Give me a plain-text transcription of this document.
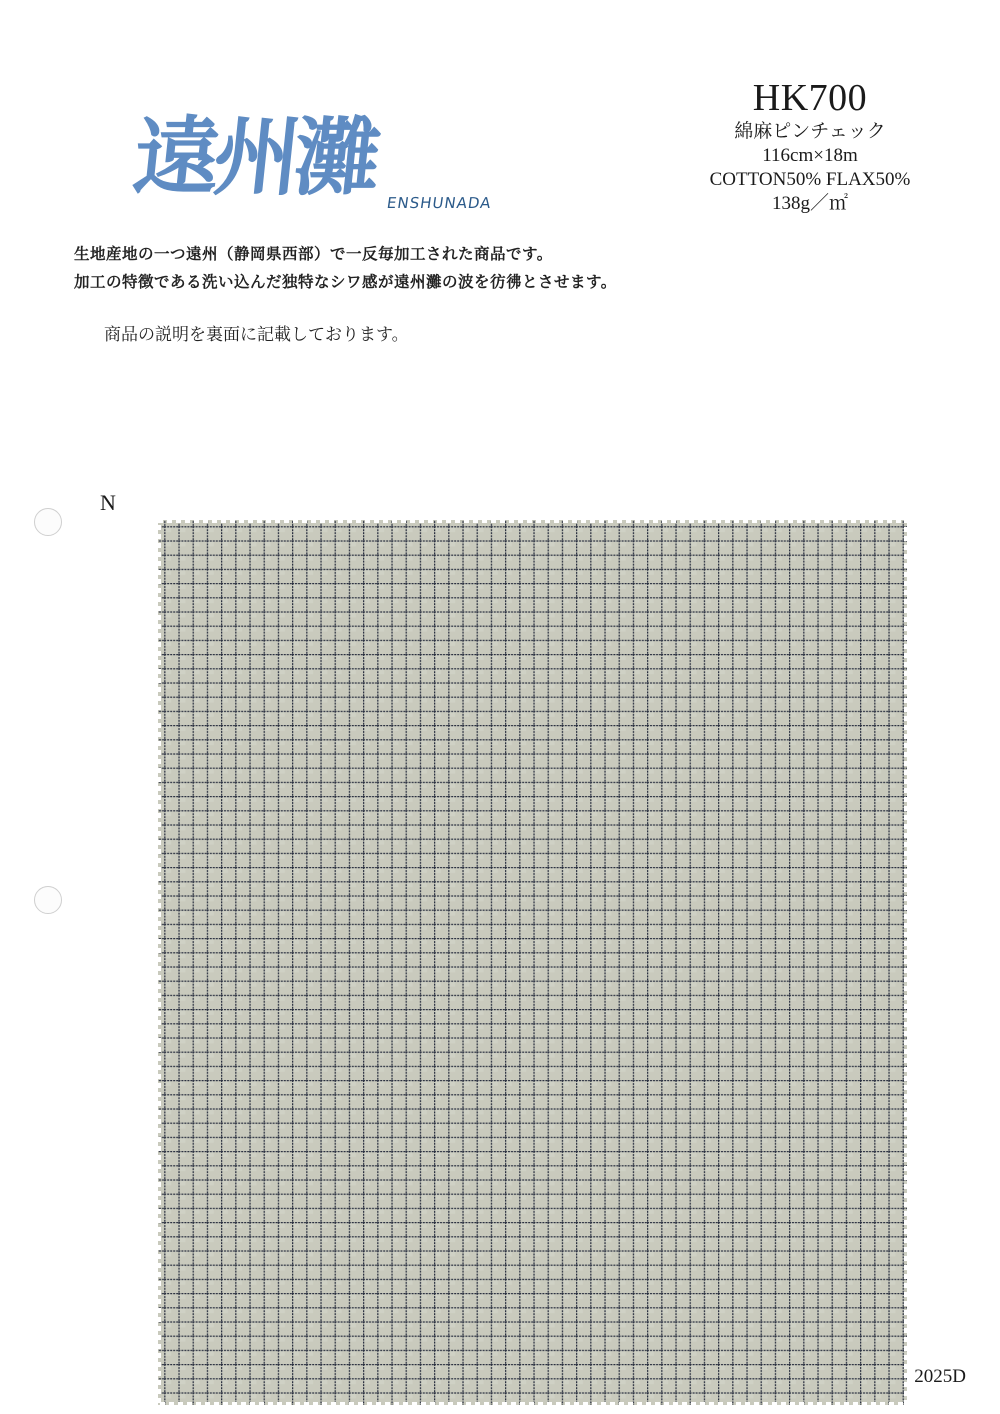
遠州灘 ENSHUNADA
HK700
綿麻ピンチェック
116cm×18m
COTTON50% FLAX50%
138g／㎡
生地産地の一つ遠州（静岡県西部）で一反毎加工された商品です。
加工の特徴である洗い込んだ独特なシワ感が遠州灘の波を彷彿とさせます。
商品の説明を裏面に記載しております。
N
2025D
